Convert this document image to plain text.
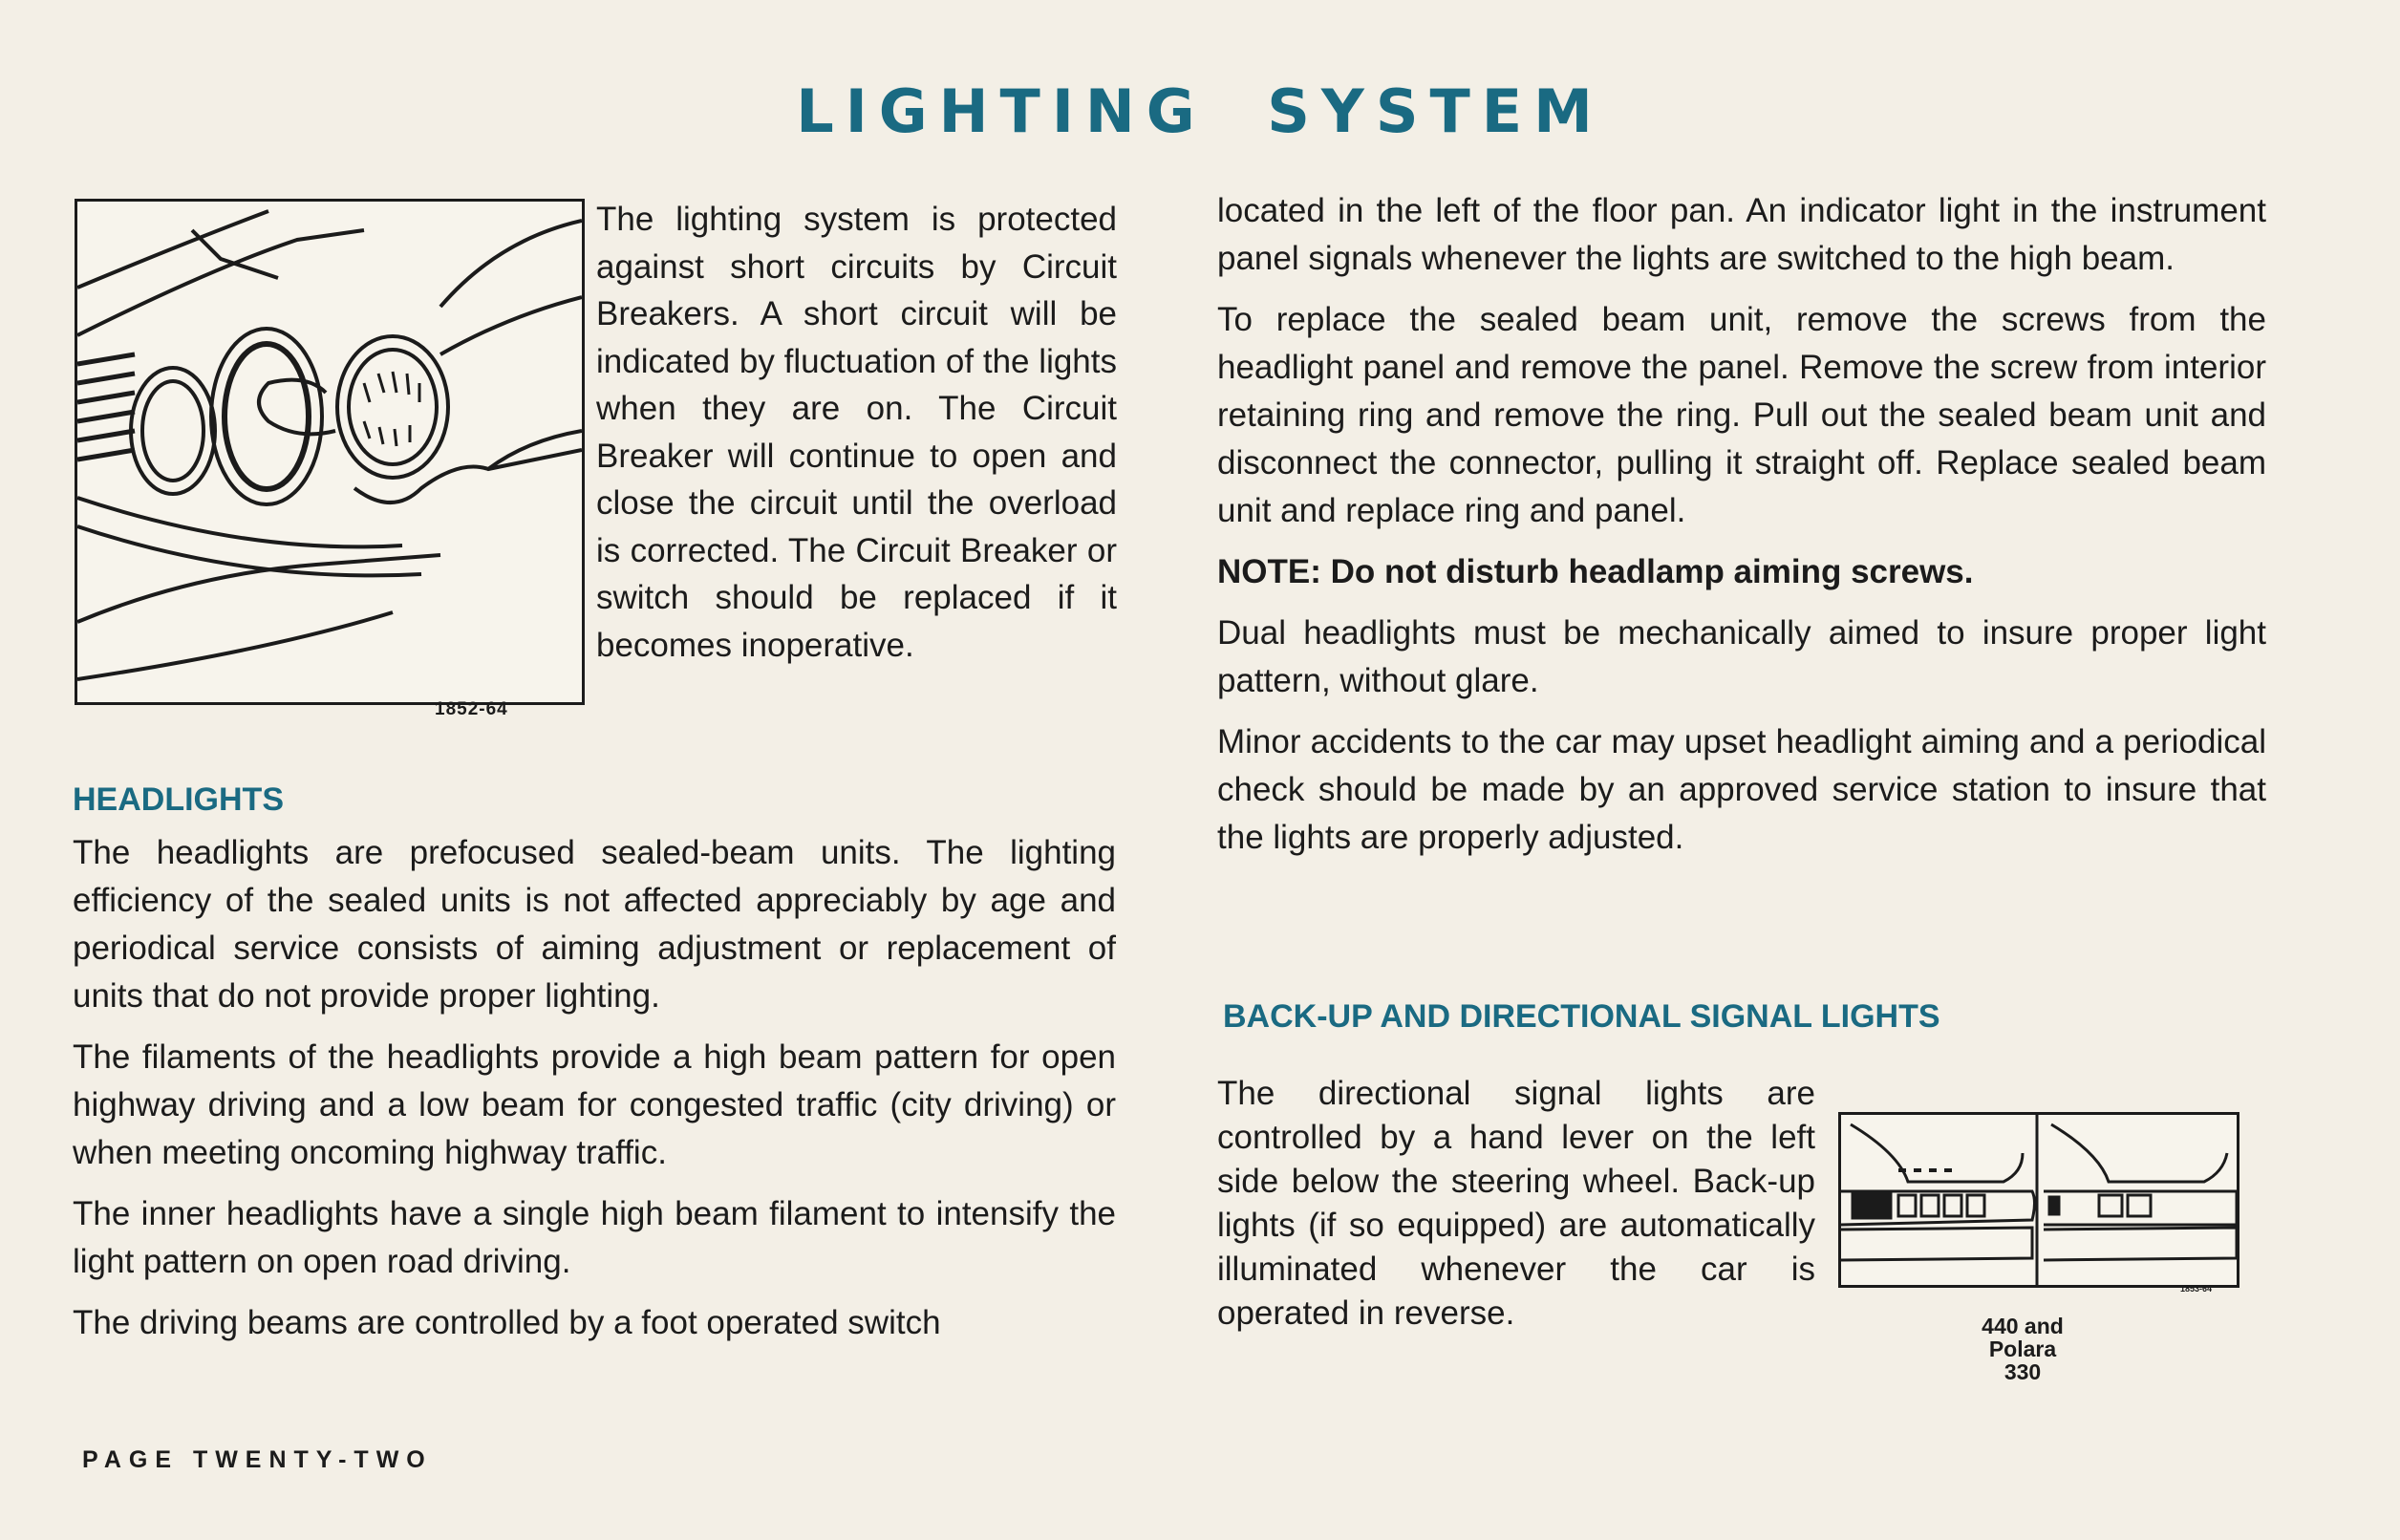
LIGHTING SYSTEM
1852-64

The lighting system is protected against short circuits by Circuit Breakers. A short circuit will be indicated by fluctuation of the lights when they are on. The Circuit Breaker will continue to open and close the circuit until the overload is corrected. The Circuit Breaker or switch should be replaced if it becomes inoperative.

HEADLIGHTS

The headlights are prefocused sealed-beam units. The lighting efficiency of the sealed units is not affected appreciably by age and periodical service consists of aiming adjustment or replacement of units that do not provide proper lighting.

The filaments of the headlights provide a high beam pattern for open highway driving and a low beam for congested traffic (city driving) or when meeting oncoming highway traffic.

The inner headlights have a single high beam filament to intensify the light pattern on open road driving.

The driving beams are controlled by a foot operated switch

located in the left of the floor pan. An indicator light in the instrument panel signals whenever the lights are switched to the high beam.

To replace the sealed beam unit, remove the screws from the headlight panel and remove the panel. Remove the screw from interior retaining ring and remove the ring. Pull out the sealed beam unit and disconnect the connector, pulling it straight off. Replace sealed beam unit and replace ring and panel.

NOTE: Do not disturb headlamp aiming screws.

Dual headlights must be mechanically aimed to insure proper light pattern, without glare.

Minor accidents to the car may upset headlight aiming and a periodical check should be made by an approved service station to insure that the lights are properly adjusted.

BACK-UP AND DIRECTIONAL SIGNAL LIGHTS

The directional signal lights are controlled by a hand lever on the left side below the steering wheel. Back-up lights (if so equipped) are automatically illuminated whenever the car is operated in reverse.

1853-64
440 and Polara 330
PAGE TWENTY-TWO
